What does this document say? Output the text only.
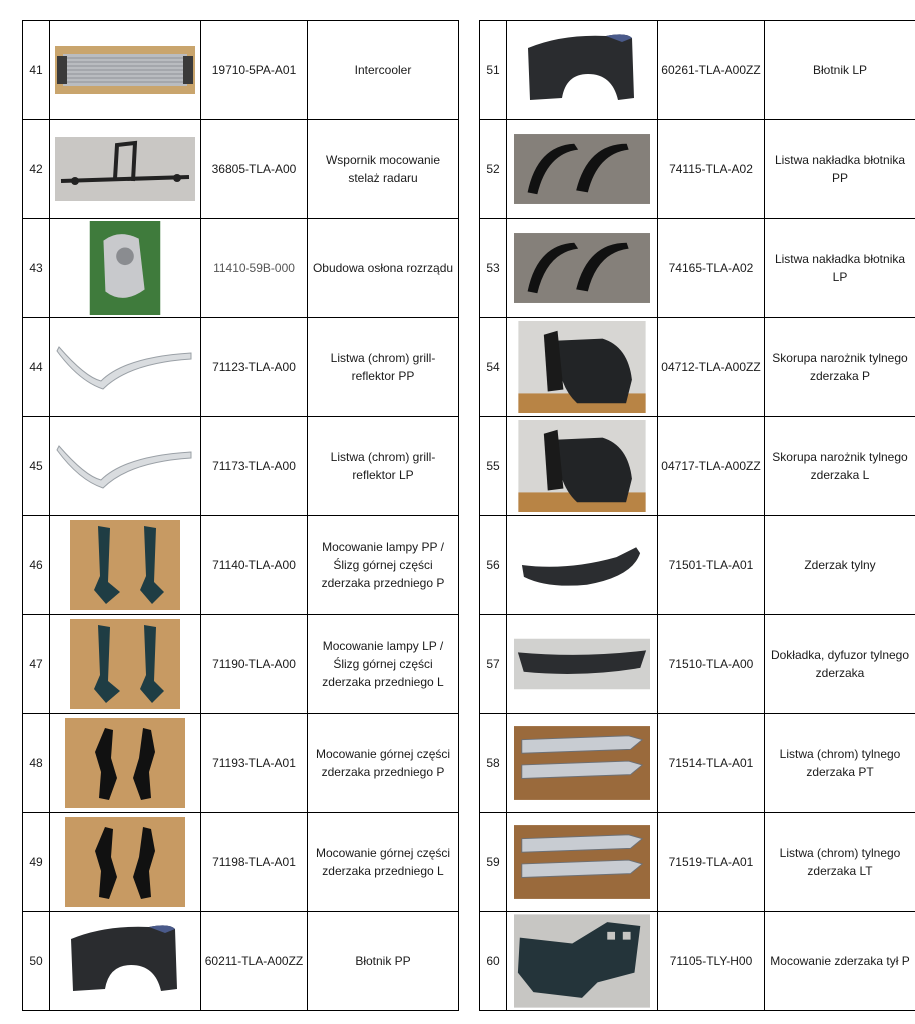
41		19710-5PA-A01	Intercooler
42		36805-TLA-A00	Wspornik mocowanie stelaż radaru
43		11410-59B-000	Obudowa osłona rozrządu
44		71123-TLA-A00	Listwa (chrom) grill-reflektor PP
45		71173-TLA-A00	Listwa (chrom) grill-reflektor LP
46		71140-TLA-A00	Mocowanie lampy PP / Ślizg górnej części zderzaka przedniego P
47		71190-TLA-A00	Mocowanie lampy LP / Ślizg górnej części zderzaka przedniego L
48		71193-TLA-A01	Mocowanie górnej części zderzaka przedniego P
49		71198-TLA-A01	Mocowanie górnej części zderzaka przedniego L
50		60211-TLA-A00ZZ	Błotnik PP
51		60261-TLA-A00ZZ	Błotnik LP
52		74115-TLA-A02	Listwa nakładka błotnika PP
53		74165-TLA-A02	Listwa nakładka błotnika LP
54		04712-TLA-A00ZZ	Skorupa narożnik tylnego zderzaka P
55		04717-TLA-A00ZZ	Skorupa narożnik tylnego zderzaka L
56		71501-TLA-A01	Zderzak tylny
57		71510-TLA-A00	Dokładka, dyfuzor tylnego zderzaka
58		71514-TLA-A01	Listwa (chrom) tylnego zderzaka PT
59		71519-TLA-A01	Listwa (chrom) tylnego zderzaka LT
60		71105-TLY-H00	Mocowanie zderzaka tył P
